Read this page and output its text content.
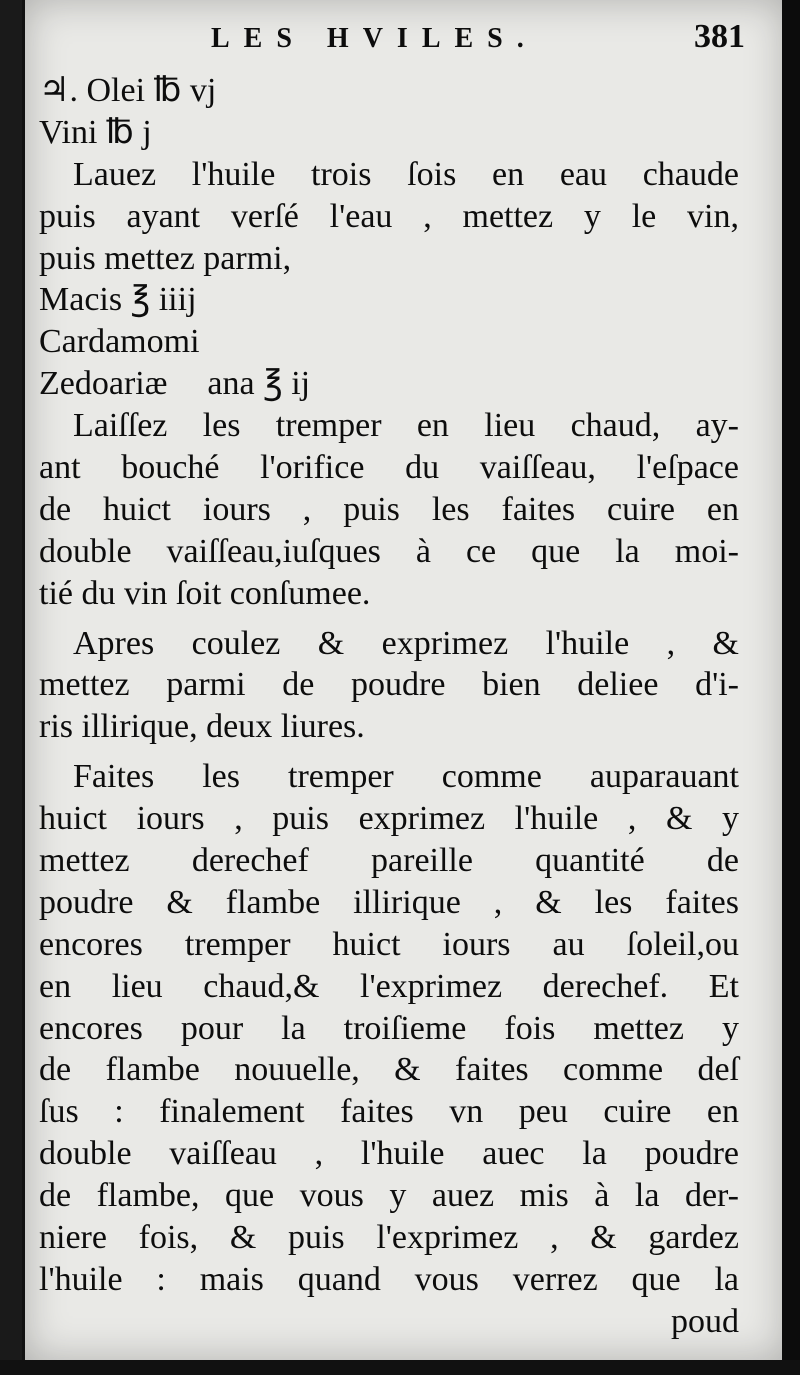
LES HVILES.	381
♃. Olei ℔ vj
Vini ℔ j
Lauez l'huile trois ſois en eau chaude
puis ayant verſé l'eau , mettez y le vin,
puis mettez parmi,
Macis ℥ iiij
Cardamomi
Zedoariæ ana ℥ ij
Laiſſez les tremper en lieu chaud, ay-
ant bouché l'orifice du vaiſſeau, l'eſpace
de huict iours , puis les faites cuire en
double vaiſſeau,iuſques à ce que la moi-
tié du vin ſoit conſumee.
Apres coulez & exprimez l'huile , &
mettez parmi de poudre bien deliee d'i-
ris illirique, deux liures.
Faites les tremper comme auparauant
huict iours , puis exprimez l'huile , & y
mettez derechef pareille quantité de
poudre & flambe illirique , & les faites
encores tremper huict iours au ſoleil,ou
en lieu chaud,& l'exprimez derechef. Et
encores pour la troiſieme fois mettez y
de flambe nouuelle, & faites comme deſ
ſus : finalement faites vn peu cuire en
double vaiſſeau , l'huile auec la poudre
de flambe, que vous y auez mis à la der-
niere fois, & puis l'exprimez , & gardez
l'huile : mais quand vous verrez que la
poud
